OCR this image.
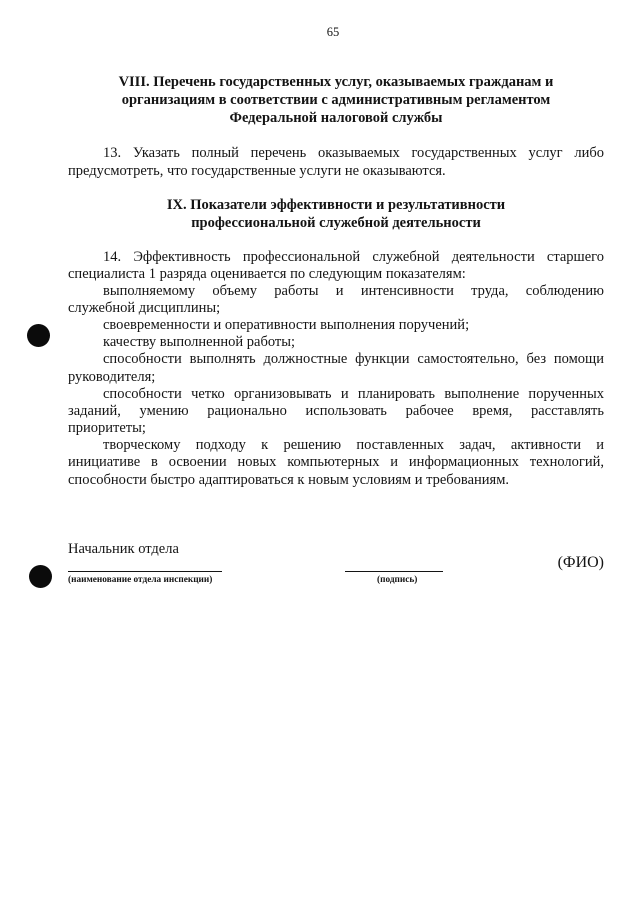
65
VIII. Перечень государственных услуг, оказываемых гражданам и
организациям в соответствии с административным регламентом
Федеральной налоговой службы
13. Указать полный перечень оказываемых государственных услуг либо
предусмотреть, что государственные услуги не оказываются.
IX. Показатели эффективности и результативности
профессиональной служебной деятельности
14. Эффективность профессиональной служебной деятельности старшего
специалиста 1 разряда оценивается по следующим показателям:
выполняемому объему работы и интенсивности труда, соблюдению
служебной дисциплины;
своевременности и оперативности выполнения поручений;
качеству выполненной работы;
способности выполнять должностные функции самостоятельно, без помощи
руководителя;
способности четко организовывать и планировать выполнение порученных
заданий, умению рационально использовать рабочее время, расставлять
приоритеты;
творческому подходу к решению поставленных задач, активности и
инициативе в освоении новых компьютерных и информационных технологий,
способности быстро адаптироваться к новым условиям и требованиям.
Начальник отдела
(наименование отдела инспекции)	(подпись)
(ФИО)
